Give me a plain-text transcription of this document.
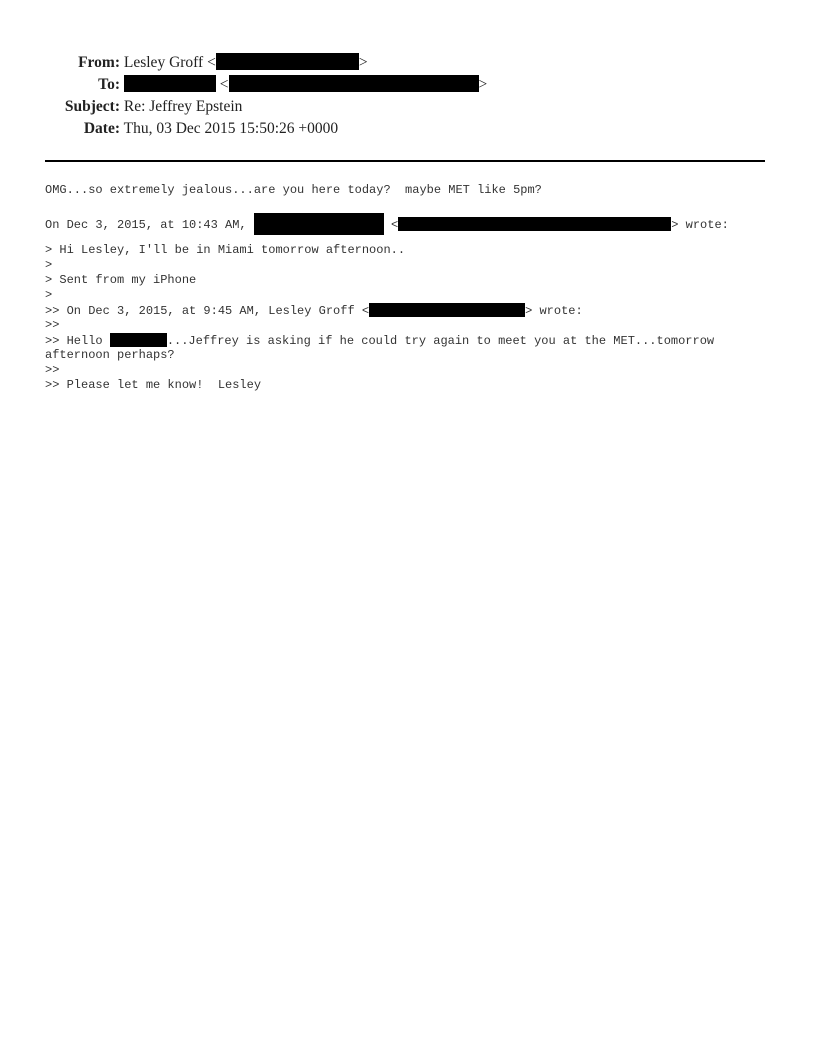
From: Lesley Groff <	>
To:	<	>
Subject: Re: Jeffrey Epstein
Date: Thu, 03 Dec 2015 15:50:26 +0000
OMG...so extremely jealous...are you here today?  maybe MET like 5pm?
On Dec 3, 2015, at 10:43 AM,	<	> wrote:
> Hi Lesley, I'll be in Miami tomorrow afternoon..
>
> Sent from my iPhone
>
>> On Dec 3, 2015, at 9:45 AM, Lesley Groff <	> wrote:
>>
>> Hello	...Jeffrey is asking if he could try again to meet you at the MET...tomorrow
afternoon perhaps?
>>
>> Please let me know!  Lesley
